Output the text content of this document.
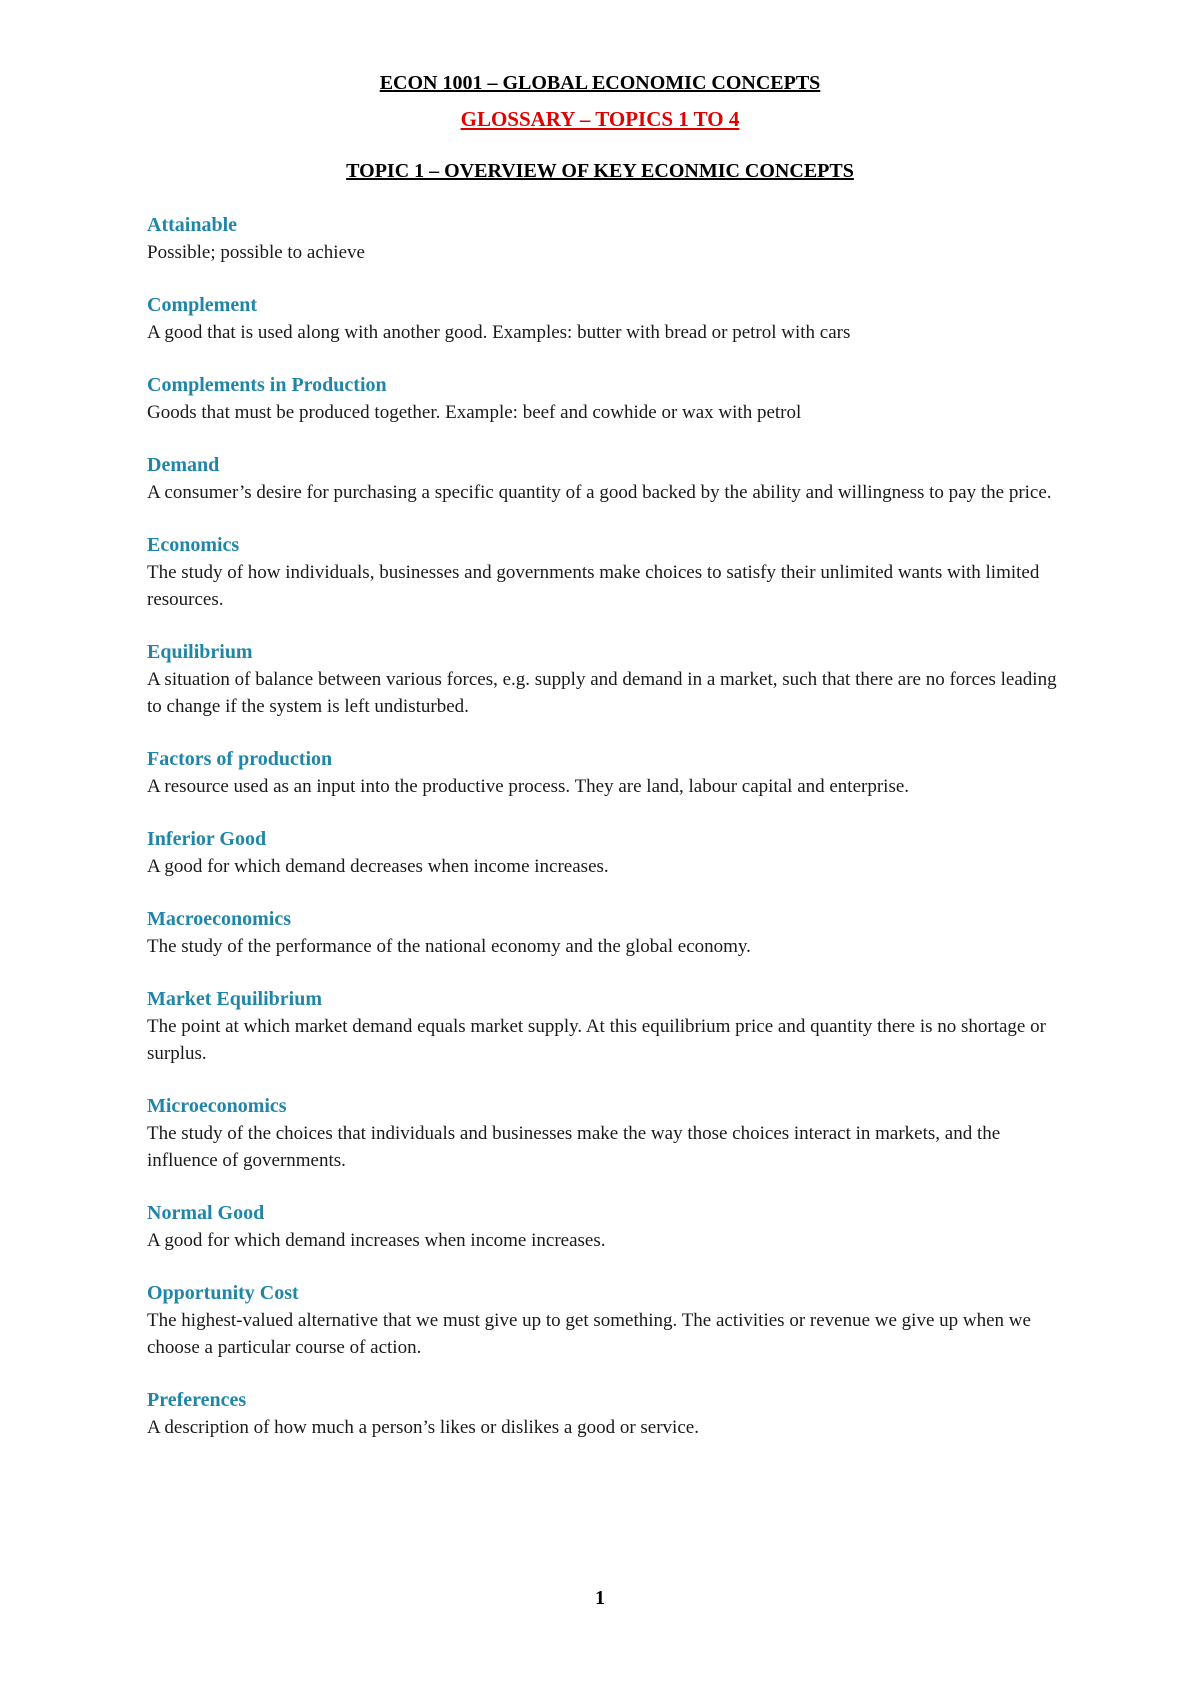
ECON 1001 – GLOBAL ECONOMIC CONCEPTS
GLOSSARY – TOPICS 1 TO 4
TOPIC 1 – OVERVIEW OF KEY ECONMIC CONCEPTS

Attainable

Possible; possible to achieve

Complement

A good that is used along with another good. Examples: butter with bread or petrol with cars

Complements in Production

Goods that must be produced together. Example: beef and cowhide or wax with petrol

Demand

A consumer’s desire for purchasing a specific quantity of a good backed by the ability and willingness to pay the price.

Economics

The study of how individuals, businesses and governments make choices to satisfy their unlimited wants with limited resources.

Equilibrium

A situation of balance between various forces, e.g. supply and demand in a market, such that there are no forces leading to change if the system is left undisturbed.

Factors of production

A resource used as an input into the productive process. They are land, labour capital and enterprise.

Inferior Good

A good for which demand decreases when income increases.

Macroeconomics

The study of the performance of the national economy and the global economy.

Market Equilibrium

The point at which market demand equals market supply. At this equilibrium price and quantity there is no shortage or surplus.

Microeconomics

The study of the choices that individuals and businesses make the way those choices interact in markets, and the influence of governments.

Normal Good

A good for which demand increases when income increases.

Opportunity Cost

The highest-valued alternative that we must give up to get something. The activities or revenue we give up when we choose a particular course of action.

Preferences

A description of how much a person’s likes or dislikes a good or service.

1
